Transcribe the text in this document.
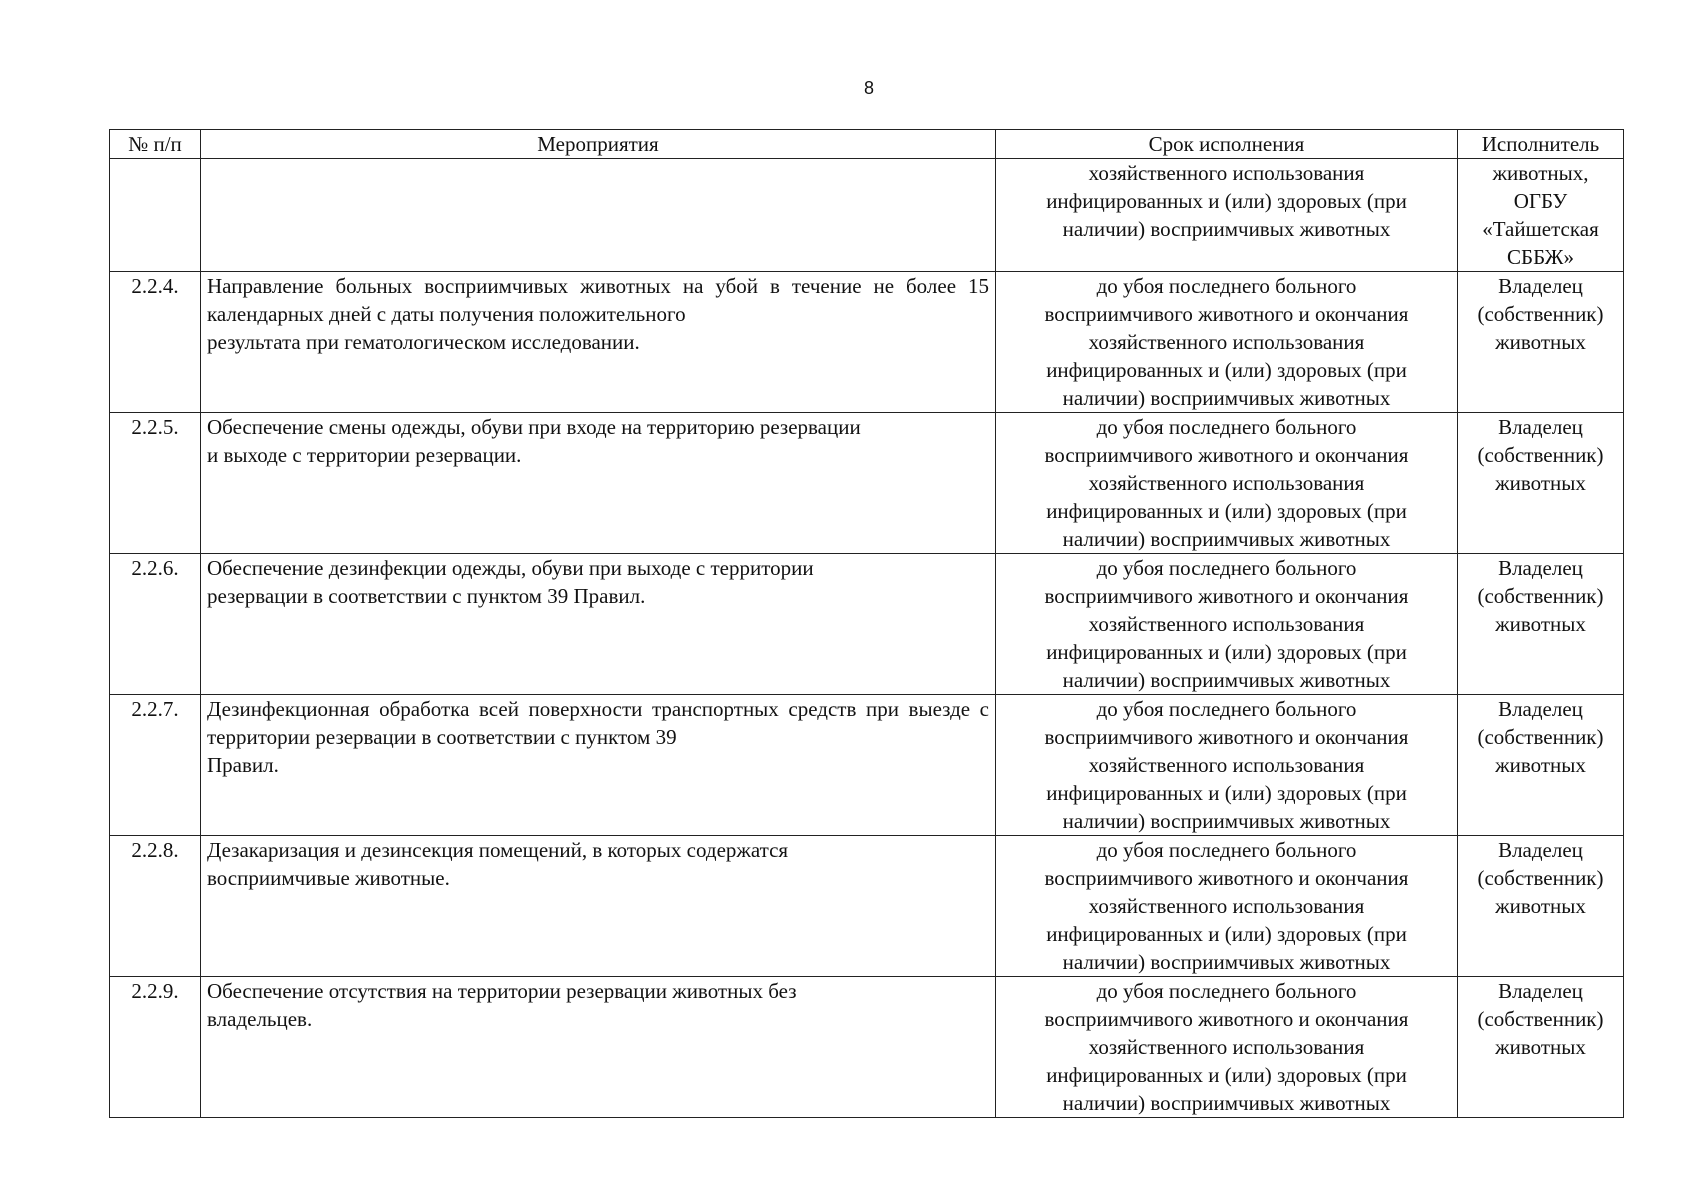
8
№ п/п	Мероприятия	Срок исполнения	Исполнитель

		хозяйственного использования
инфицированных и (или) здоровых (при
наличии) восприимчивых животных	животных,
ОГБУ
«Тайшетская
СББЖ»

2.2.4.	Направление больных восприимчивых животных на убой в течение не более 15 календарных дней с даты получения положительного
результата при гематологическом исследовании.	до убоя последнего больного
восприимчивого животного и окончания
хозяйственного использования
инфицированных и (или) здоровых (при
наличии) восприимчивых животных	Владелец
(собственник)
животных

2.2.5.	Обеспечение смены одежды, обуви при входе на территорию резервации
и выходе с территории резервации.	до убоя последнего больного
восприимчивого животного и окончания
хозяйственного использования
инфицированных и (или) здоровых (при
наличии) восприимчивых животных	Владелец
(собственник)
животных

2.2.6.	Обеспечение дезинфекции одежды, обуви при выходе с территории
резервации в соответствии с пунктом 39 Правил.	до убоя последнего больного
восприимчивого животного и окончания
хозяйственного использования
инфицированных и (или) здоровых (при
наличии) восприимчивых животных	Владелец
(собственник)
животных

2.2.7.	Дезинфекционная обработка всей поверхности транспортных средств при выезде с территории резервации в соответствии с пунктом 39
Правил.	до убоя последнего больного
восприимчивого животного и окончания
хозяйственного использования
инфицированных и (или) здоровых (при
наличии) восприимчивых животных	Владелец
(собственник)
животных

2.2.8.	Дезакаризация и дезинсекция помещений, в которых содержатся
восприимчивые животные.	до убоя последнего больного
восприимчивого животного и окончания
хозяйственного использования
инфицированных и (или) здоровых (при
наличии) восприимчивых животных	Владелец
(собственник)
животных

2.2.9.	Обеспечение отсутствия на территории резервации животных без
владельцев.	до убоя последнего больного
восприимчивого животного и окончания
хозяйственного использования
инфицированных и (или) здоровых (при
наличии) восприимчивых животных	Владелец
(собственник)
животных
